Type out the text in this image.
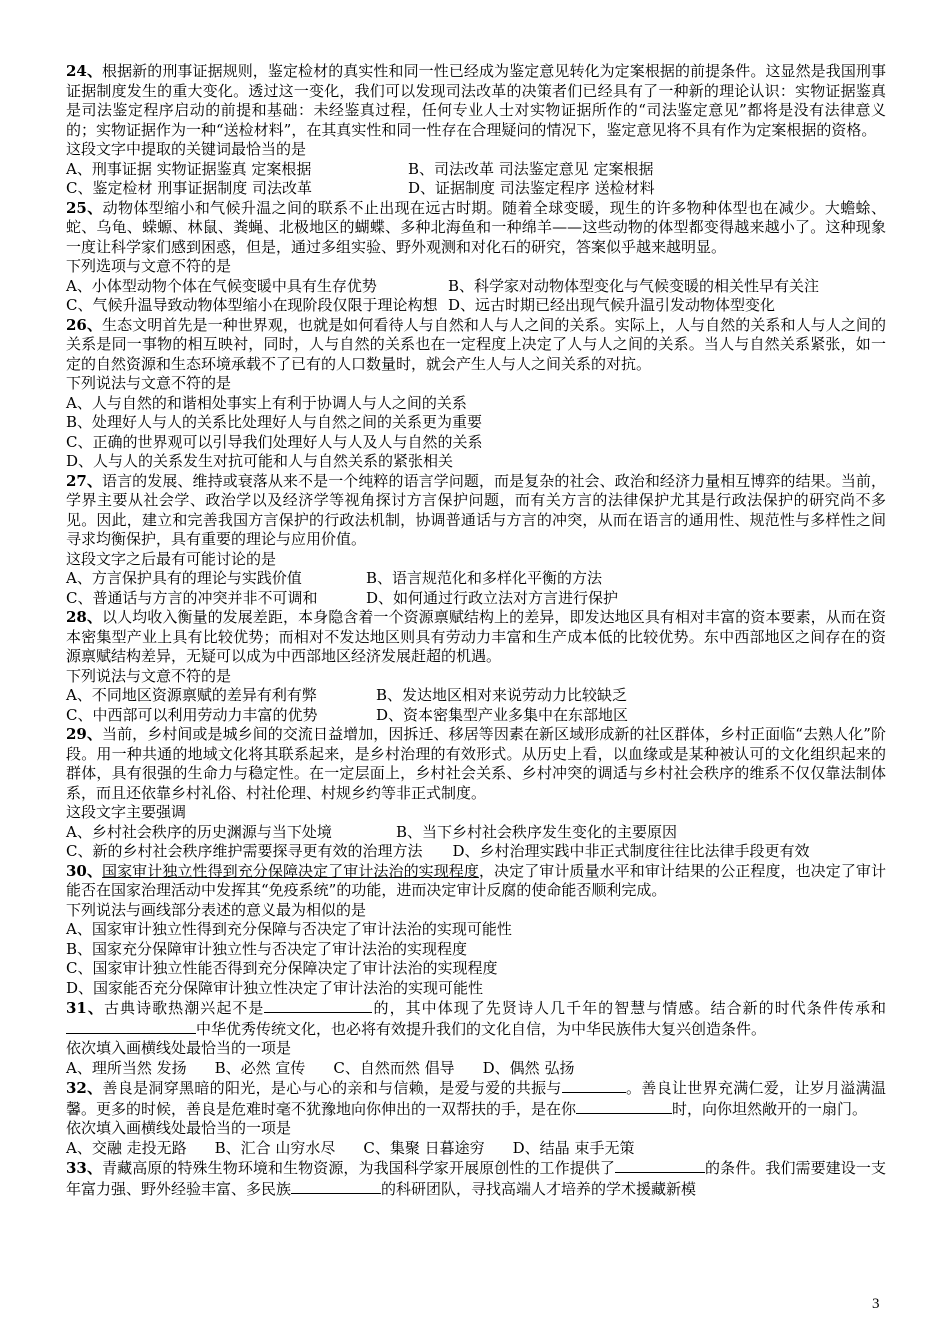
24、根据新的刑事证据规则，鉴定检材的真实性和同一性已经成为鉴定意见转化为定案根据的前提条件。这显然是我国刑事证据制度发生的重大变化。透过这一变化，我们可以发现司法改革的决策者们已经具有了一种新的理论认识：实物证据鉴真是司法鉴定程序启动的前提和基础：未经鉴真过程，任何专业人士对实物证据所作的“司法鉴定意见”都将是没有法律意义的；实物证据作为一种“送检材料”，在其真实性和同一性存在合理疑问的情况下，鉴定意见将不具有作为定案根据的资格。

这段文字中提取的关键词最恰当的是

A、刑事证据 实物证据鉴真 定案根据	B、司法改革 司法鉴定意见 定案根据
C、鉴定检材 刑事证据制度 司法改革	D、证据制度 司法鉴定程序 送检材料

25、动物体型缩小和气候升温之间的联系不止出现在远古时期。随着全球变暖，现生的许多物种体型也在减少。大蟾蜍、蛇、乌龟、蝾螈、林鼠、粪蝇、北极地区的蝴蝶、多种北海鱼和一种绵羊——这些动物的体型都变得越来越小了。这种现象一度让科学家们感到困惑，但是，通过多组实验、野外观测和对化石的研究，答案似乎越来越明显。

下列选项与文意不符的是

A、小体型动物个体在气候变暖中具有生存优势	B、科学家对动物体型变化与气候变暖的相关性早有关注
C、气候升温导致动物体型缩小在现阶段仅限于理论构想 D、远古时期已经出现气候升温引发动物体型变化

26、生态文明首先是一种世界观，也就是如何看待人与自然和人与人之间的关系。实际上，人与自然的关系和人与人之间的关系是同一事物的相互映衬，同时，人与自然的关系也在一定程度上决定了人与人之间的关系。当人与自然关系紧张，如一定的自然资源和生态环境承载不了已有的人口数量时，就会产生人与人之间关系的对抗。

下列说法与文意不符的是

A、人与自然的和谐相处事实上有利于协调人与人之间的关系

B、处理好人与人的关系比处理好人与自然之间的关系更为重要

C、正确的世界观可以引导我们处理好人与人及人与自然的关系

D、人与人的关系发生对抗可能和人与自然关系的紧张相关

27、语言的发展、维持或衰落从来不是一个纯粹的语言学问题，而是复杂的社会、政治和经济力量相互博弈的结果。当前，学界主要从社会学、政治学以及经济学等视角探讨方言保护问题，而有关方言的法律保护尤其是行政法保护的研究尚不多见。因此，建立和完善我国方言保护的行政法机制，协调普通话与方言的冲突，从而在语言的通用性、规范性与多样性之间寻求均衡保护，具有重要的理论与应用价值。

这段文字之后最有可能讨论的是

A、方言保护具有的理论与实践价值	B、语言规范化和多样化平衡的方法
C、普通话与方言的冲突并非不可调和	D、如何通过行政立法对方言进行保护

28、以人均收入衡量的发展差距，本身隐含着一个资源禀赋结构上的差异，即发达地区具有相对丰富的资本要素，从而在资本密集型产业上具有比较优势；而相对不发达地区则具有劳动力丰富和生产成本低的比较优势。东中西部地区之间存在的资源禀赋结构差异，无疑可以成为中西部地区经济发展赶超的机遇。

下列说法与文意不符的是

A、不同地区资源禀赋的差异有利有弊	B、发达地区相对来说劳动力比较缺乏
C、中西部可以利用劳动力丰富的优势	D、资本密集型产业多集中在东部地区

29、当前，乡村间或是城乡间的交流日益增加，因拆迁、移居等因素在新区域形成新的社区群体，乡村正面临“去熟人化”阶段。用一种共通的地域文化将其联系起来，是乡村治理的有效形式。从历史上看，以血缘或是某种被认可的文化组织起来的群体，具有很强的生命力与稳定性。在一定层面上，乡村社会关系、乡村冲突的调适与乡村社会秩序的维系不仅仅靠法制体系，而且还依靠乡村礼俗、村社伦理、村规乡约等非正式制度。

这段文字主要强调

A、乡村社会秩序的历史渊源与当下处境	B、当下乡村社会秩序发生变化的主要原因

C、新的乡村社会秩序维护需要探寻更有效的治理方法 D、乡村治理实践中非正式制度往往比法律手段更有效

30、国家审计独立性得到充分保障决定了审计法治的实现程度，决定了审计质量水平和审计结果的公正程度，也决定了审计能否在国家治理活动中发挥其“免疫系统”的功能，进而决定审计反腐的使命能否顺利完成。

下列说法与画线部分表述的意义最为相似的是

A、国家审计独立性得到充分保障与否决定了审计法治的实现可能性

B、国家充分保障审计独立性与否决定了审计法治的实现程度

C、国家审计独立性能否得到充分保障决定了审计法治的实现程度

D、国家能否充分保障审计独立性决定了审计法治的实现可能性

31、古典诗歌热潮兴起不是	的，其中体现了先贤诗人几千年的智慧与情感。结合新的时代条件传承和中华优秀传统文化，也必将有效提升我们的文化自信，为中华民族伟大复兴创造条件。

依次填入画横线处最恰当的一项是

A、理所当然 发扬 B、必然 宣传 C、自然而然 倡导 D、偶然 弘扬

32、善良是洞穿黑暗的阳光，是心与心的亲和与信赖，是爱与爱的共振与	。善良让世界充满仁爱，让岁月溢满温馨。更多的时候，善良是危难时毫不犹豫地向你伸出的一双帮扶的手，是在你	时，向你坦然敞开的一扇门。

依次填入画横线处最恰当的一项是

A、交融 走投无路 B、汇合 山穷水尽 C、集聚 日暮途穷 D、结晶 束手无策

33、青藏高原的特殊生物环境和生物资源，为我国科学家开展原创性的工作提供了	的条件。我们需要建设一支年富力强、野外经验丰富、多民族	的科研团队，寻找高端人才培养的学术援藏新模

3
